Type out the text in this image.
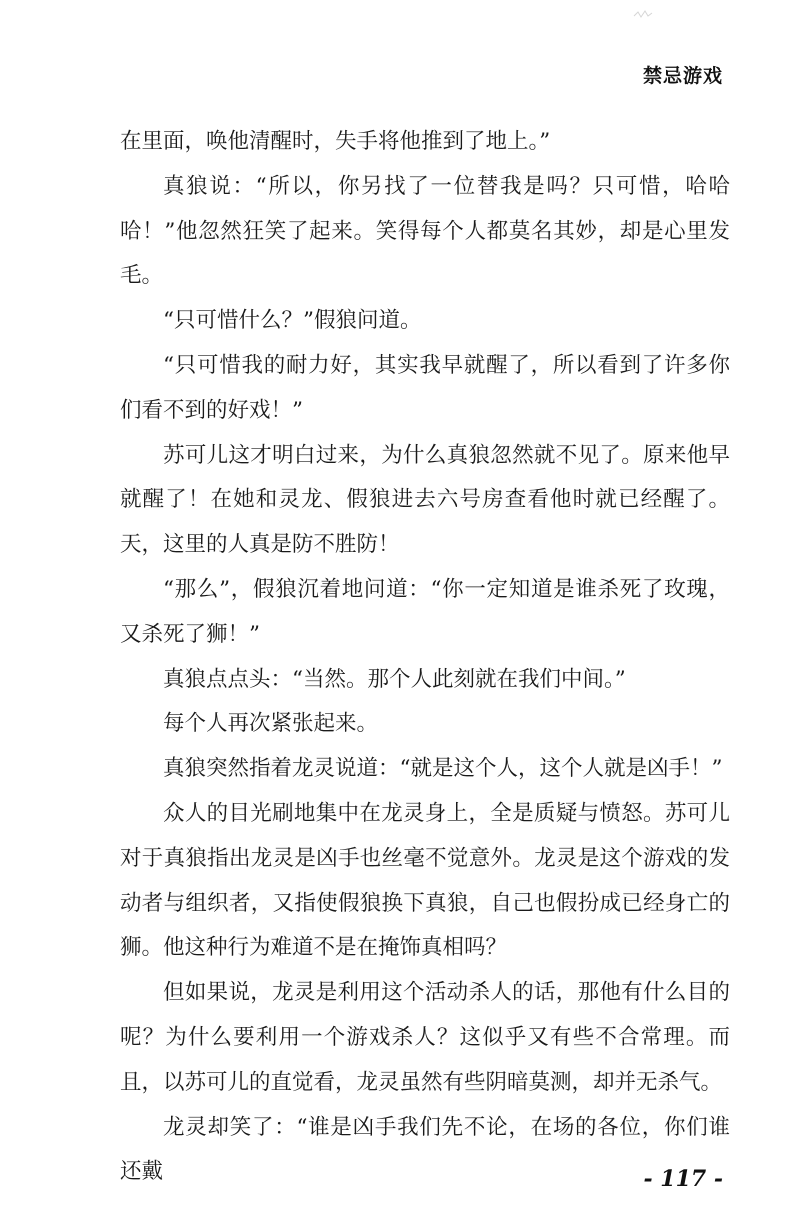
禁忌游戏

在里面，唤他清醒时，失手将他推到了地上。”

真狼说：“所以，你另找了一位替我是吗？只可惜，哈哈哈！”他忽然狂笑了起来。笑得每个人都莫名其妙，却是心里发毛。

“只可惜什么？”假狼问道。

“只可惜我的耐力好，其实我早就醒了，所以看到了许多你们看不到的好戏！”

苏可儿这才明白过来，为什么真狼忽然就不见了。原来他早就醒了！在她和灵龙、假狼进去六号房查看他时就已经醒了。天，这里的人真是防不胜防！

“那么”，假狼沉着地问道：“你一定知道是谁杀死了玫瑰，又杀死了狮！”

真狼点点头：“当然。那个人此刻就在我们中间。”

每个人再次紧张起来。

真狼突然指着龙灵说道：“就是这个人，这个人就是凶手！”

众人的目光刷地集中在龙灵身上，全是质疑与愤怒。苏可儿对于真狼指出龙灵是凶手也丝毫不觉意外。龙灵是这个游戏的发动者与组织者，又指使假狼换下真狼，自己也假扮成已经身亡的狮。他这种行为难道不是在掩饰真相吗？

但如果说，龙灵是利用这个活动杀人的话，那他有什么目的呢？为什么要利用一个游戏杀人？这似乎又有些不合常理。而且，以苏可儿的直觉看，龙灵虽然有些阴暗莫测，却并无杀气。

龙灵却笑了：“谁是凶手我们先不论，在场的各位，你们谁还戴	- 117 -
